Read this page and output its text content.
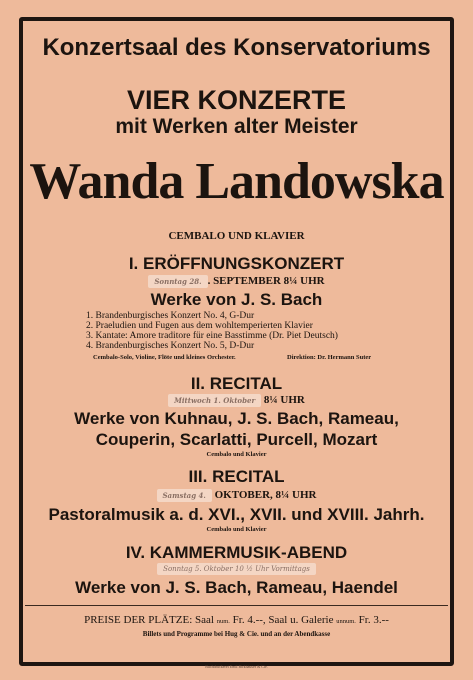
Konzertsaal des Konservatoriums
VIER KONZERTE
mit Werken alter Meister
Wanda Landowska
CEMBALO UND KLAVIER
I. ERÖFFNUNGSKONZERT
Sonntag 28. . SEPTEMBER 8¼ UHR
Werke von J. S. Bach
1. Brandenburgisches Konzert No. 4, G-Dur
2. Praeludien und Fugen aus dem wohltemperierten Klavier
3. Kantate: Amore traditore für eine Basstimme (Dr. Piet Deutsch)
4. Brandenburgisches Konzert No. 5, D-Dur
Cembalo-Solo, Violine, Flöte und kleines Orchester.	Direktion: Dr. Hermann Suter
II. RECITAL
Mittwoch 1. Oktober 8¼ UHR
Werke von Kuhnau, J. S. Bach, Rameau,
Couperin, Scarlatti, Purcell, Mozart
Cembalo und Klavier
III. RECITAL
Samstag 4. OKTOBER, 8¼ UHR
Pastoralmusik a. d. XVI., XVII. und XVIII. Jahrh.
Cembalo und Klavier
IV. KAMMERMUSIK-ABEND
Sonntag 5. Oktober 10 ½ Uhr Vormittags
Werke von J. S. Bach, Rameau, Haendel
PREISE DER PLÄTZE: Saal num. Fr. 4.--, Saal u. Galerie unnum. Fr. 3.--
Billets und Programme bei Hug & Cie. und an der Abendkasse
Buchdruckerei Emil Birkhäuser & Cie.
